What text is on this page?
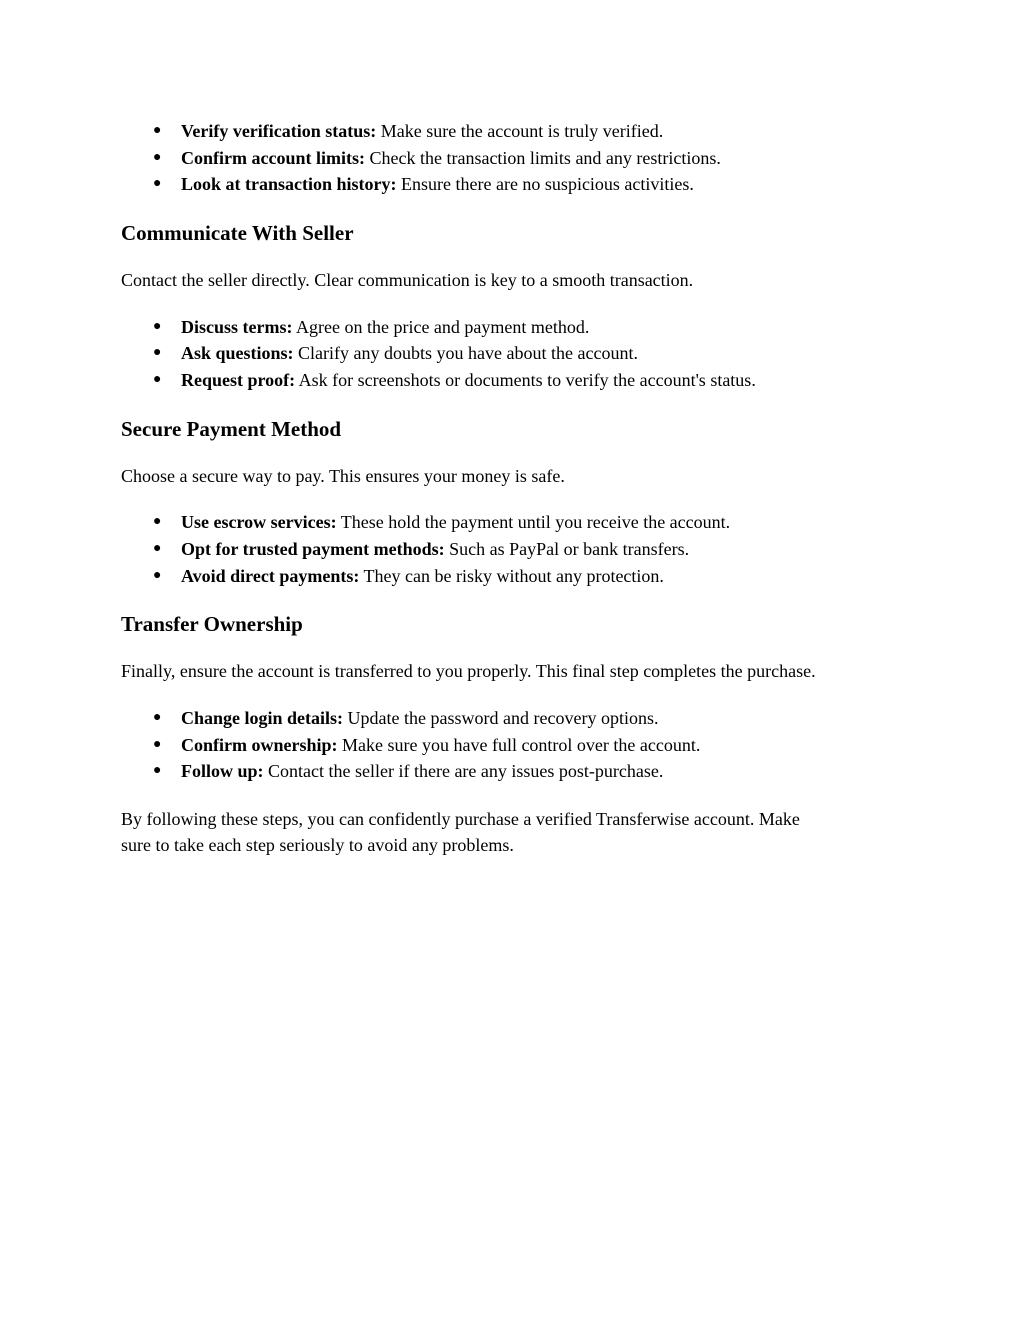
● Verify verification status: Make sure the account is truly verified.
● Confirm account limits: Check the transaction limits and any restrictions.
● Look at transaction history: Ensure there are no suspicious activities.
Communicate With Seller

Contact the seller directly. Clear communication is key to a smooth transaction.

● Discuss terms: Agree on the price and payment method.
● Ask questions: Clarify any doubts you have about the account.
● Request proof: Ask for screenshots or documents to verify the account's status.
Secure Payment Method

Choose a secure way to pay. This ensures your money is safe.

● Use escrow services: These hold the payment until you receive the account.
● Opt for trusted payment methods: Such as PayPal or bank transfers.
● Avoid direct payments: They can be risky without any protection.
Transfer Ownership

Finally, ensure the account is transferred to you properly. This final step completes the purchase.

● Change login details: Update the password and recovery options.
● Confirm ownership: Make sure you have full control over the account.
● Follow up: Contact the seller if there are any issues post-purchase.

By following these steps, you can confidently purchase a verified Transferwise account. Make
sure to take each step seriously to avoid any problems.
